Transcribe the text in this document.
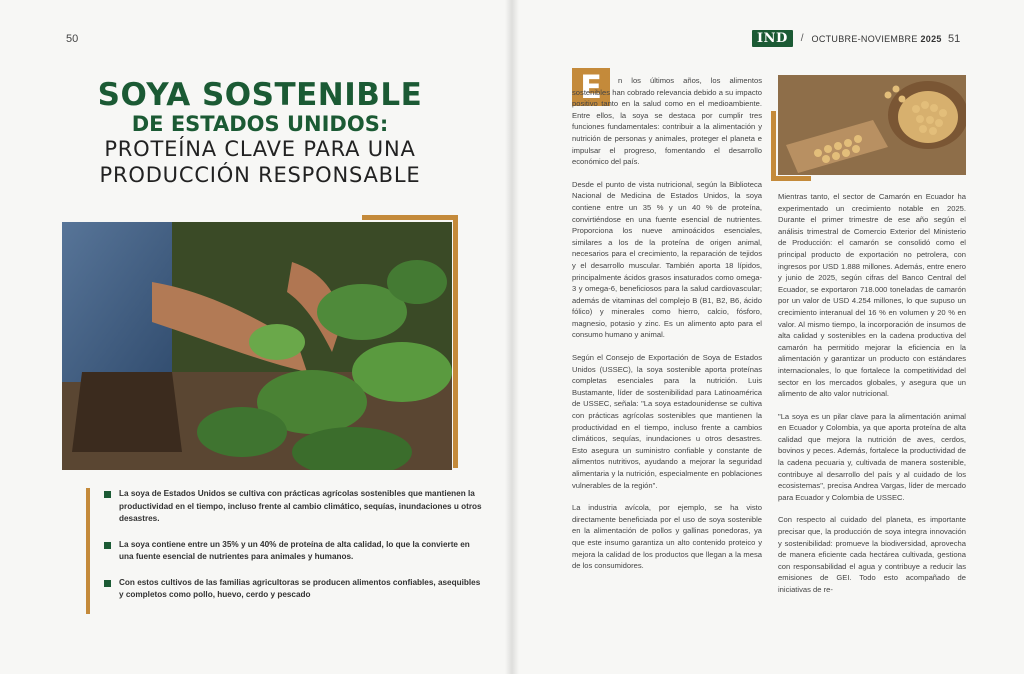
50	51
IND	/ OCTUBRE-NOVIEMBRE 2025
SOYA SOSTENIBLE
DE ESTADOS UNIDOS:
PROTEÍNA CLAVE PARA UNA
PRODUCCIÓN RESPONSABLE

La soya de Estados Unidos se cultiva con prácticas agrícolas sostenibles que mantienen la productividad en el tiempo, incluso frente al cambio climático, sequías, inundaciones u otros desastres.

La soya contiene entre un 35% y un 40% de proteína de alta calidad, lo que la convierte en una fuente esencial de nutrientes para animales y humanos.

Con estos cultivos de las familias agricultoras se producen alimentos confiables, asequibles y completos como pollo, huevo, cerdo y pescado

E	n los últimos años, los alimentos sostenibles han cobrado relevancia debido a su impacto positivo tanto en la salud como en el medioambiente. Entre ellos, la soya se destaca por cumplir tres funciones fundamentales: contribuir a la alimentación y nutrición de personas y animales, proteger el planeta e impulsar el progreso, fomentando el desarrollo económico del país.

Desde el punto de vista nutricional, según la Biblioteca Nacional de Medicina de Estados Unidos, la soya contiene entre un 35 % y un 40 % de proteína, convirtiéndose en una fuente esencial de nutrientes. Proporciona los nueve aminoácidos esenciales, similares a los de la proteína de origen animal, necesarios para el crecimiento, la reparación de tejidos y el desarrollo muscular. También aporta 18 lípidos, principalmente ácidos grasos insaturados como omega-3 y omega-6, beneficiosos para la salud cardiovascular; además de vitaminas del complejo B (B1, B2, B6, ácido fólico) y minerales como hierro, calcio, fósforo, magnesio, potasio y zinc. Es un alimento apto para el consumo humano y animal.

Según el Consejo de Exportación de Soya de Estados Unidos (USSEC), la soya sostenible aporta proteínas completas esenciales para la nutrición. Luis Bustamante, líder de sostenibilidad para Latinoamérica de USSEC, señala: "La soya estadounidense se cultiva con prácticas agrícolas sostenibles que mantienen la productividad en el tiempo, incluso frente a cambios climáticos, sequías, inundaciones u otros desastres. Esto asegura un suministro confiable y constante de alimentos nutritivos, ayudando a mejorar la seguridad alimentaria y la nutrición, especialmente en poblaciones vulnerables de la región".

La industria avícola, por ejemplo, se ha visto directamente beneficiada por el uso de soya sostenible en la alimentación de pollos y gallinas ponedoras, ya que este insumo garantiza un alto contenido proteico y mejora la calidad de los productos que llegan a la mesa de los consumidores.

Mientras tanto, el sector de Camarón en Ecuador ha experimentado un crecimiento notable en 2025. Durante el primer trimestre de ese año según el análisis trimestral de Comercio Exterior del Ministerio de Producción: el camarón se consolidó como el principal producto de exportación no petrolera, con ingresos por USD 1.888 millones. Además, entre enero y junio de 2025, según cifras del Banco Central del Ecuador, se exportaron 718.000 toneladas de camarón por un valor de USD 4.254 millones, lo que supuso un crecimiento interanual del 16 % en volumen y 20 % en valor. Al mismo tiempo, la incorporación de insumos de alta calidad y sostenibles en la cadena productiva del camarón ha permitido mejorar la eficiencia en la alimentación y garantizar un producto con estándares internacionales, lo que fortalece la competitividad del sector en los mercados globales, y asegura que un alimento de alto valor nutricional.

"La soya es un pilar clave para la alimentación animal en Ecuador y Colombia, ya que aporta proteína de alta calidad que mejora la nutrición de aves, cerdos, bovinos y peces. Además, fortalece la productividad de la cadena pecuaria y, cultivada de manera sostenible, contribuye al desarrollo del país y al cuidado de los ecosistemas", precisa Andrea Vargas, líder de mercado para Ecuador y Colombia de USSEC.

Con respecto al cuidado del planeta, es importante precisar que, la producción de soya integra innovación y sostenibilidad: promueve la biodiversidad, aprovecha de manera eficiente cada hectárea cultivada, gestiona con responsabilidad el agua y contribuye a reducir las emisiones de GEI. Todo esto acompañado de iniciativas de re-
